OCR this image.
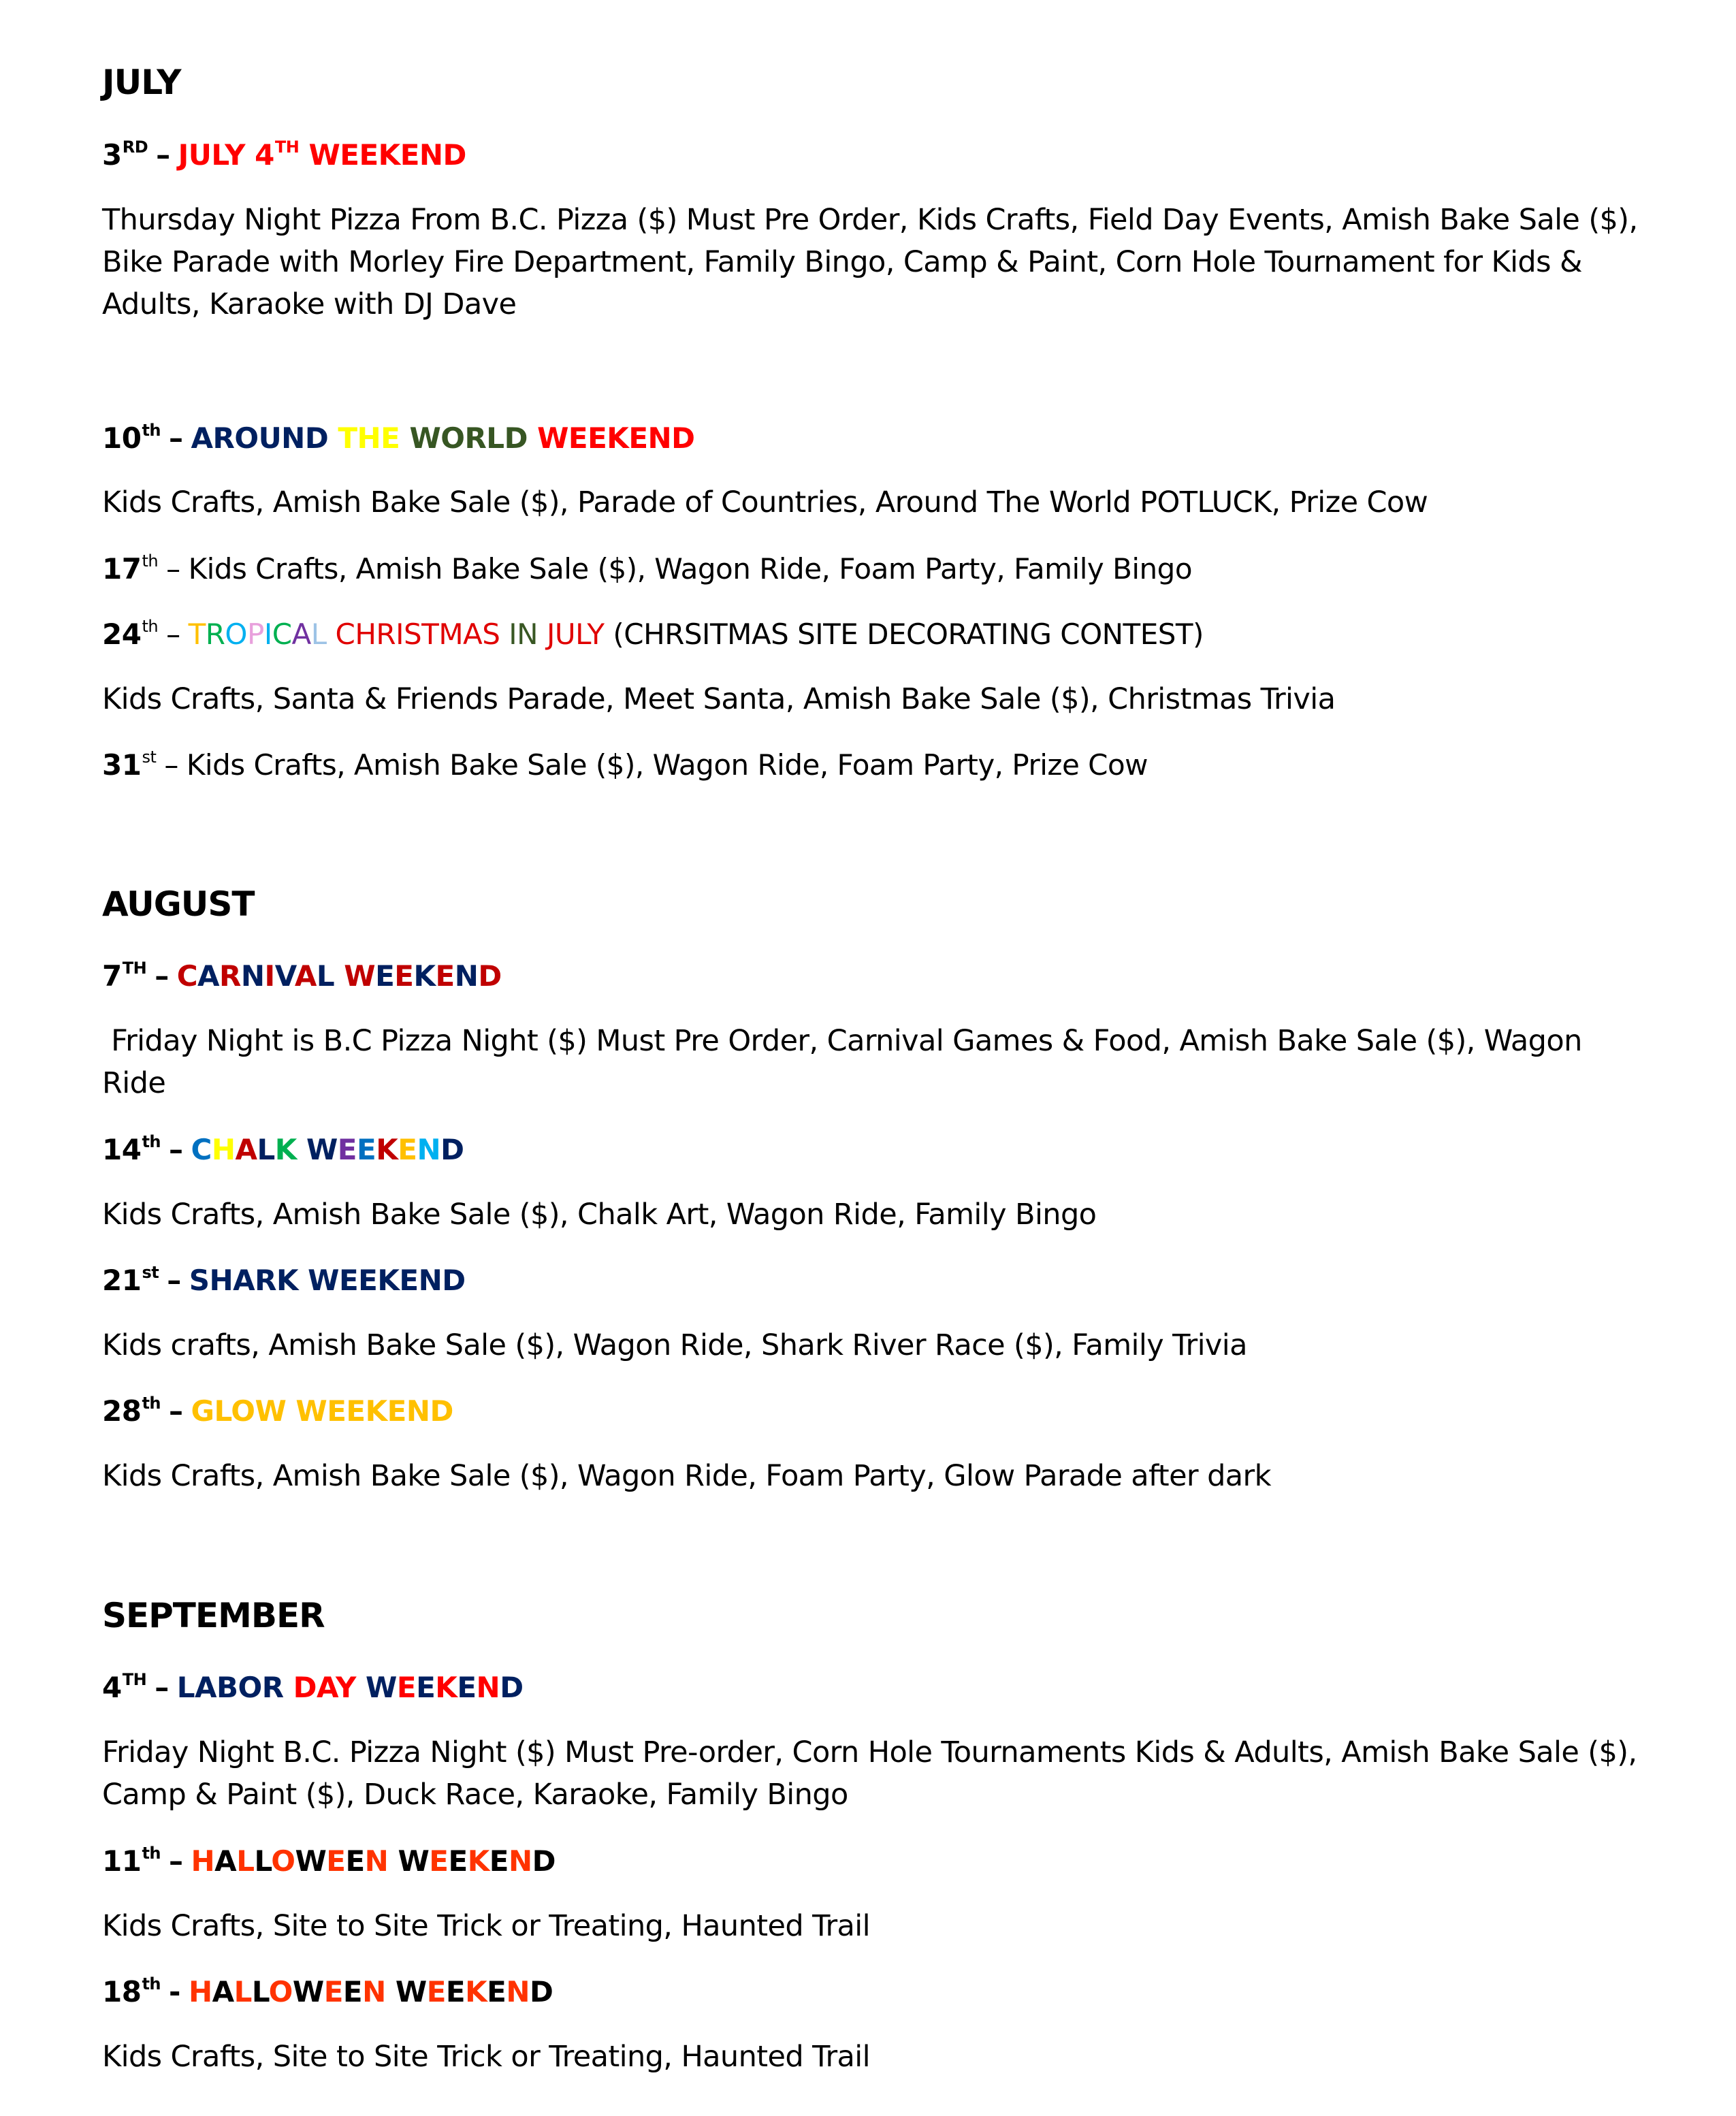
JULY
3RD – JULY 4TH WEEKEND
Thursday Night Pizza From B.C. Pizza ($) Must Pre Order, Kids Crafts, Field Day Events, Amish Bake Sale ($), Bike Parade with Morley Fire Department, Family Bingo, Camp & Paint, Corn Hole Tournament for Kids & Adults, Karaoke with DJ Dave
10th – AROUND THE WORLD WEEKEND
Kids Crafts, Amish Bake Sale ($), Parade of Countries, Around The World POTLUCK, Prize Cow
17th – Kids Crafts, Amish Bake Sale ($), Wagon Ride, Foam Party, Family Bingo
24th – TROPICAL CHRISTMAS IN JULY (CHRSITMAS SITE DECORATING CONTEST)
Kids Crafts, Santa & Friends Parade, Meet Santa, Amish Bake Sale ($), Christmas Trivia
31st – Kids Crafts, Amish Bake Sale ($), Wagon Ride, Foam Party, Prize Cow
AUGUST
7TH – CARNIVAL WEEKEND
Friday Night is B.C Pizza Night ($) Must Pre Order, Carnival Games & Food, Amish Bake Sale ($), Wagon Ride
14th – CHALK WEEKEND
Kids Crafts, Amish Bake Sale ($), Chalk Art, Wagon Ride, Family Bingo
21st – SHARK WEEKEND
Kids crafts, Amish Bake Sale ($), Wagon Ride, Shark River Race ($), Family Trivia
28th – GLOW WEEKEND
Kids Crafts, Amish Bake Sale ($), Wagon Ride, Foam Party, Glow Parade after dark
SEPTEMBER
4TH – LABOR DAY WEEKEND
Friday Night B.C. Pizza Night ($) Must Pre-order, Corn Hole Tournaments Kids & Adults, Amish Bake Sale ($), Camp & Paint ($), Duck Race, Karaoke, Family Bingo
11th – HALLOWEEN WEEKEND
Kids Crafts, Site to Site Trick or Treating, Haunted Trail
18th - HALLOWEEN WEEKEND
Kids Crafts, Site to Site Trick or Treating, Haunted Trail
